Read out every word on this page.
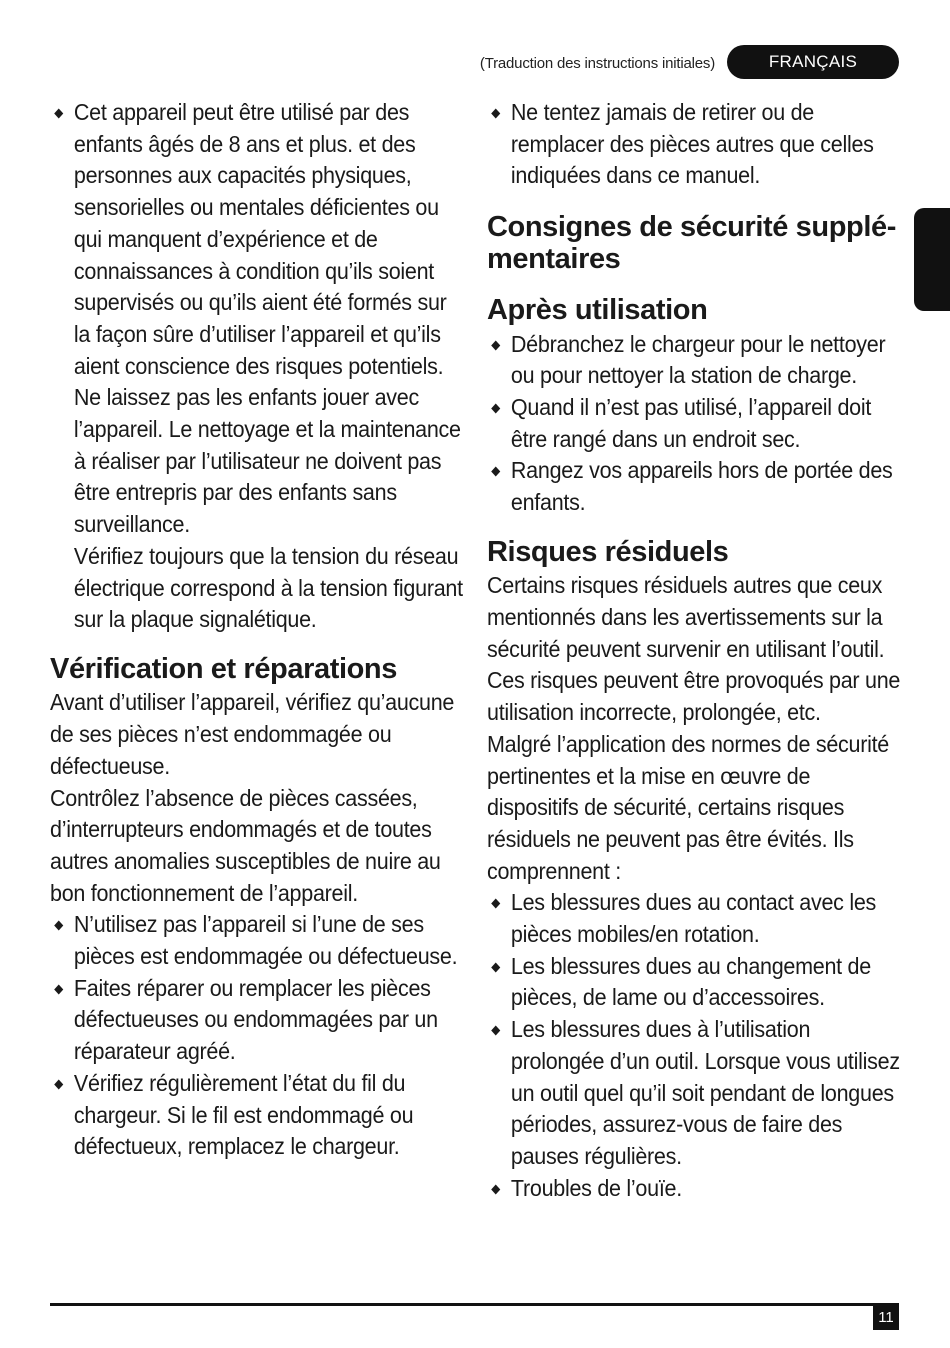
(Traduction des instructions initiales)	FRANÇAIS
Cet appareil peut être utilisé par des enfants âgés de 8 ans et plus. et des personnes aux capacités physiques, sensorielles ou mentales déficientes ou qui manquent d’expérience et de connaissances à condition qu’ils soient supervisés ou qu’ils aient été formés sur la façon sûre d’utiliser l’appareil et qu’ils aient conscience des risques potentiels. Ne laissez pas les enfants jouer avec l’appareil. Le nettoyage et la maintenance à réaliser par l’utilisateur ne doivent pas être entrepris par des enfants sans surveillance.
Vérifiez toujours que la tension du réseau électrique correspond à la tension figurant sur la plaque signalétique.
Vérification et réparations

Avant d’utiliser l’appareil, vérifiez qu’aucune de ses pièces n’est endommagée ou défectueuse.

Contrôlez l’absence de pièces cassées, d’interrupteurs endommagés et de toutes autres anomalies susceptibles de nuire au bon fonctionnement de l’appareil.

N’utilisez pas l’appareil si l’une de ses pièces est endommagée ou défectueuse.
Faites réparer ou remplacer les pièces défectueuses ou endommagées par un réparateur agréé.
Vérifiez régulièrement l’état du fil du chargeur. Si le fil est endommagé ou défectueux, remplacez le chargeur.
Ne tentez jamais de retirer ou de remplacer des pièces autres que celles indiquées dans ce manuel.
Consignes de sécurité supplémentaires
Après utilisation
Débranchez le chargeur pour le nettoyer ou pour nettoyer la station de charge.
Quand il n’est pas utilisé, l’appareil doit être rangé dans un endroit sec.
Rangez vos appareils hors de portée des enfants.
Risques résiduels

Certains risques résiduels autres que ceux mentionnés dans les avertissements sur la sécurité peuvent survenir en utilisant l’outil. Ces risques peuvent être provoqués par une utilisation incorrecte, prolongée, etc.

Malgré l’application des normes de sécurité pertinentes et la mise en œuvre de dispositifs de sécurité, certains risques résiduels ne peuvent pas être évités. Ils comprennent :

Les blessures dues au contact avec les pièces mobiles/en rotation.
Les blessures dues au changement de pièces, de lame ou d’accessoires.
Les blessures dues à l’utilisation prolongée d’un outil. Lorsque vous utilisez un outil quel qu’il soit pendant de longues périodes, assurez-vous de faire des pauses régulières.
Troubles de l’ouïe.
11
